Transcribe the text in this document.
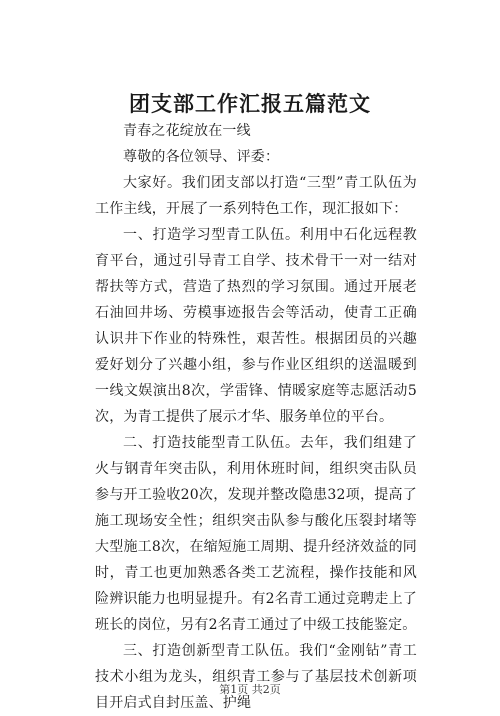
团支部工作汇报五篇范文

青春之花绽放在一线

尊敬的各位领导、评委：

大家好。我们团支部以打造“三型”青工队伍为工作主线，开展了一系列特色工作，现汇报如下：

一、打造学习型青工队伍。利用中石化远程教育平台，通过引导青工自学、技术骨干一对一结对帮扶等方式，营造了热烈的学习氛围。通过开展老石油回井场、劳模事迹报告会等活动，使青工正确认识井下作业的特殊性，艰苦性。根据团员的兴趣爱好划分了兴趣小组，参与作业区组织的送温暖到一线文娱演出8次，学雷锋、情暖家庭等志愿活动5次，为青工提供了展示才华、服务单位的平台。

二、打造技能型青工队伍。去年，我们组建了火与钢青年突击队，利用休班时间，组织突击队员参与开工验收20次，发现并整改隐患32项，提高了施工现场安全性；组织突击队参与酸化压裂封堵等大型施工8次，在缩短施工周期、提升经济效益的同时，青工也更加熟悉各类工艺流程，操作技能和风险辨识能力也明显提升。有2名青工通过竞聘走上了班长的岗位，另有2名青工通过了中级工技能鉴定。

三、打造创新型青工队伍。我们“金刚钻”青工技术小组为龙头，组织青工参与了基层技术创新项目开启式自封压盖、护绳

第1页 共2页
